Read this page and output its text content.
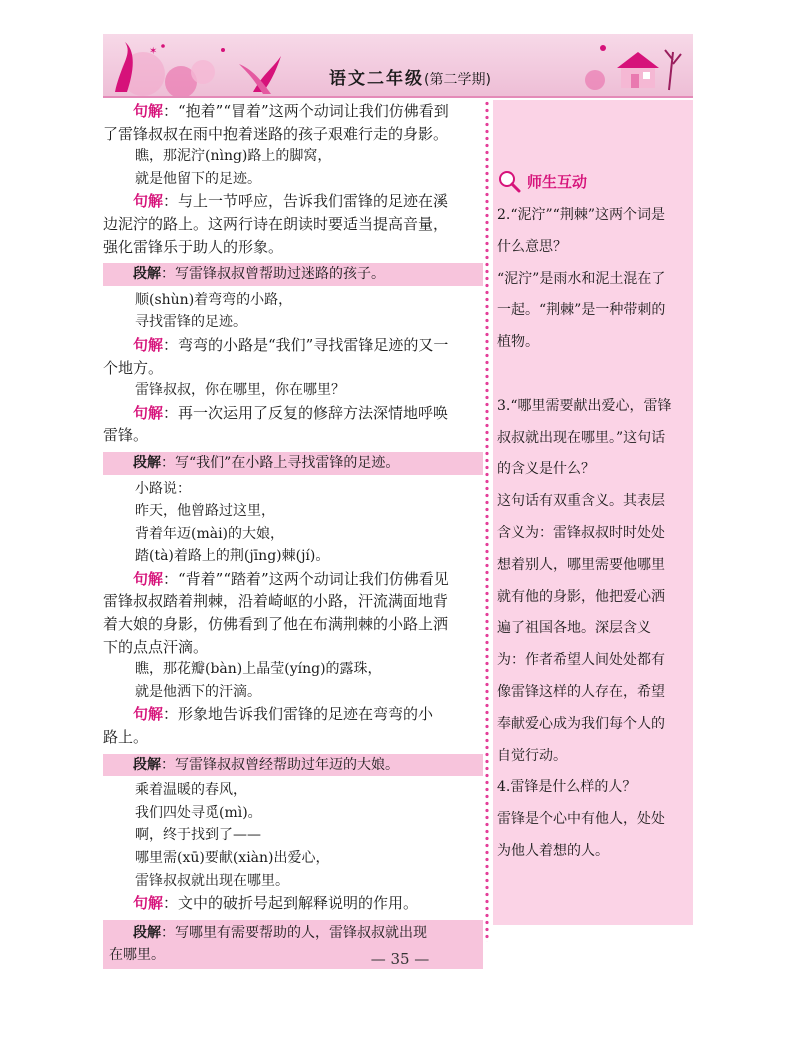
✶
语文二年级(第二学期)
句解：“抱着”“冒着”这两个动词让我们仿佛看到
了雷锋叔叔在雨中抱着迷路的孩子艰难行走的身影。
瞧，那泥泞(nìng)路上的脚窝，
就是他留下的足迹。
句解：与上一节呼应，告诉我们雷锋的足迹在溪
边泥泞的路上。这两行诗在朗读时要适当提高音量，
强化雷锋乐于助人的形象。
段解：写雷锋叔叔曾帮助过迷路的孩子。
顺(shùn)着弯弯的小路，
寻找雷锋的足迹。
句解：弯弯的小路是“我们”寻找雷锋足迹的又一
个地方。
雷锋叔叔，你在哪里，你在哪里？
句解：再一次运用了反复的修辞方法深情地呼唤
雷锋。
段解：写“我们”在小路上寻找雷锋的足迹。
小路说：
昨天，他曾路过这里，
背着年迈(mài)的大娘，
踏(tà)着路上的荆(jīng)棘(jí)。
句解：“背着”“踏着”这两个动词让我们仿佛看见
雷锋叔叔踏着荆棘，沿着崎岖的小路，汗流满面地背
着大娘的身影，仿佛看到了他在布满荆棘的小路上洒
下的点点汗滴。
瞧，那花瓣(bàn)上晶莹(yíng)的露珠，
就是他洒下的汗滴。
句解：形象地告诉我们雷锋的足迹在弯弯的小
路上。
段解：写雷锋叔叔曾经帮助过年迈的大娘。
乘着温暖的春风，
我们四处寻觅(mì)。
啊，终于找到了——
哪里需(xū)要献(xiàn)出爱心，
雷锋叔叔就出现在哪里。
句解：文中的破折号起到解释说明的作用。
段解：写哪里有需要帮助的人，雷锋叔叔就出现
在哪里。
师生互动
2.“泥泞”“荆棘”这两个词是
什么意思？
“泥泞”是雨水和泥土混在了
一起。“荆棘”是一种带刺的
植物。
3.“哪里需要献出爱心，雷锋
叔叔就出现在哪里。”这句话
的含义是什么？
这句话有双重含义。其表层
含义为：雷锋叔叔时时处处
想着别人，哪里需要他哪里
就有他的身影，他把爱心洒
遍了祖国各地。深层含义
为：作者希望人间处处都有
像雷锋这样的人存在，希望
奉献爱心成为我们每个人的
自觉行动。
4.雷锋是什么样的人？
雷锋是个心中有他人，处处
为他人着想的人。
— 35 —
